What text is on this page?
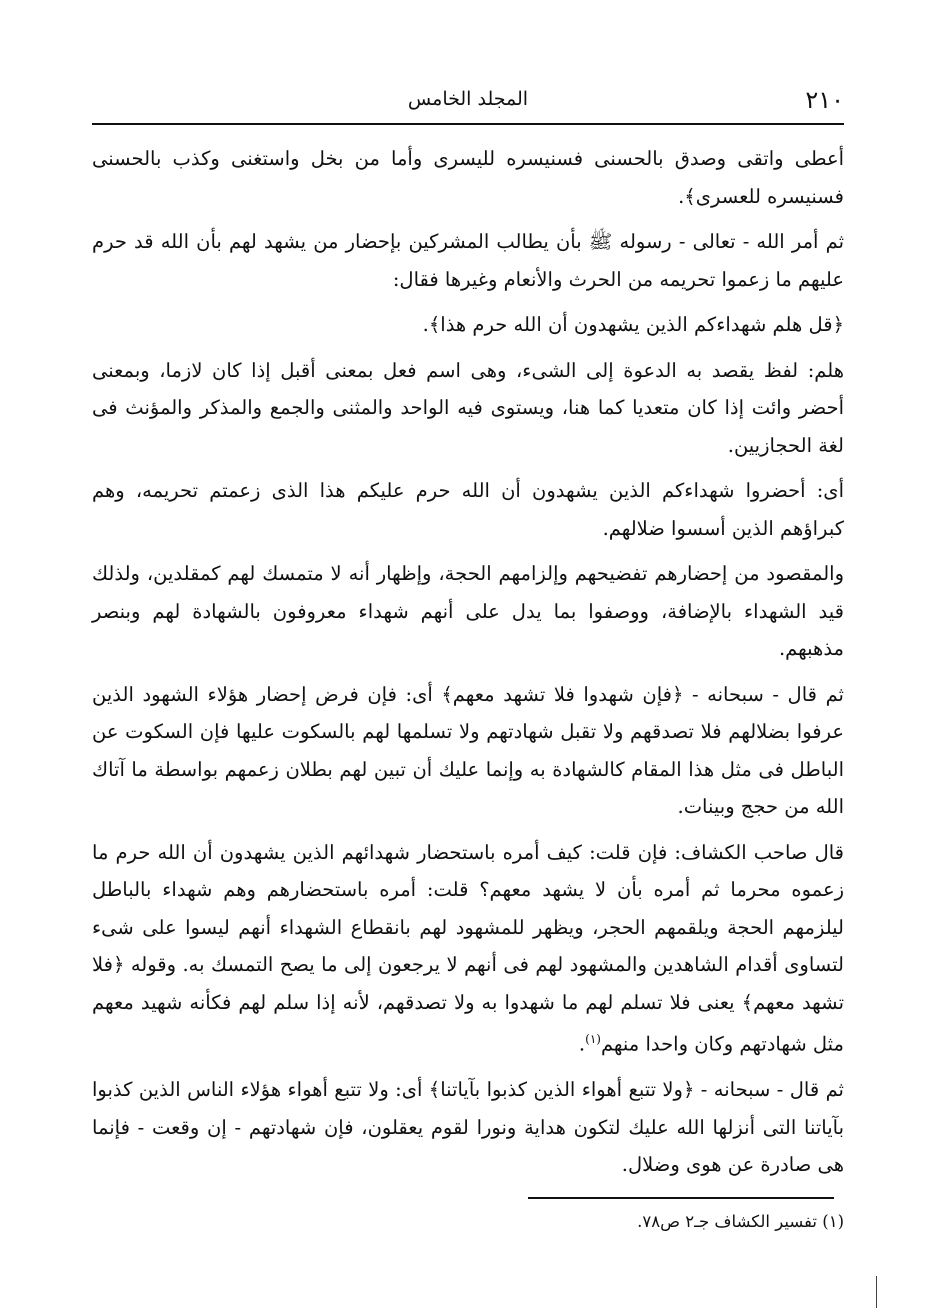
٢١٠
المجلد الخامس

أعطى واتقى وصدق بالحسنى فسنيسره لليسرى وأما من بخل واستغنى وكذب بالحسنى فسنيسره للعسرى﴾.

ثم أمر الله - تعالى - رسوله ﷺ بأن يطالب المشركين بإحضار من يشهد لهم بأن الله قد حرم عليهم ما زعموا تحريمه من الحرث والأنعام وغيرها فقال:

﴿قل هلم شهداءكم الذين يشهدون أن الله حرم هذا﴾.

هلم: لفظ يقصد به الدعوة إلى الشىء، وهى اسم فعل بمعنى أقبل إذا كان لازما، وبمعنى أحضر وائت إذا كان متعديا كما هنا، ويستوى فيه الواحد والمثنى والجمع والمذكر والمؤنث فى لغة الحجازيين.

أى: أحضروا شهداءكم الذين يشهدون أن الله حرم عليكم هذا الذى زعمتم تحريمه، وهم كبراؤهم الذين أسسوا ضلالهم.

والمقصود من إحضارهم تفضيحهم وإلزامهم الحجة، وإظهار أنه لا متمسك لهم كمقلدين، ولذلك قيد الشهداء بالإضافة، ووصفوا بما يدل على أنهم شهداء معروفون بالشهادة لهم وبنصر مذهبهم.

ثم قال - سبحانه - ﴿فإن شهدوا فلا تشهد معهم﴾ أى: فإن فرض إحضار هؤلاء الشهود الذين عرفوا بضلالهم فلا تصدقهم ولا تقبل شهادتهم ولا تسلمها لهم بالسكوت عليها فإن السكوت عن الباطل فى مثل هذا المقام كالشهادة به وإنما عليك أن تبين لهم بطلان زعمهم بواسطة ما آتاك الله من حجج وبينات.

قال صاحب الكشاف: فإن قلت: كيف أمره باستحضار شهدائهم الذين يشهدون أن الله حرم ما زعموه محرما ثم أمره بأن لا يشهد معهم؟ قلت: أمره باستحضارهم وهم شهداء بالباطل ليلزمهم الحجة ويلقمهم الحجر، ويظهر للمشهود لهم بانقطاع الشهداء أنهم ليسوا على شىء لتساوى أقدام الشاهدين والمشهود لهم فى أنهم لا يرجعون إلى ما يصح التمسك به. وقوله ﴿فلا تشهد معهم﴾ يعنى فلا تسلم لهم ما شهدوا به ولا تصدقهم، لأنه إذا سلم لهم فكأنه شهيد معهم مثل شهادتهم وكان واحدا منهم$^{(١)}$.

ثم قال - سبحانه - ﴿ولا تتبع أهواء الذين كذبوا بآياتنا﴾ أى: ولا تتبع أهواء هؤلاء الناس الذين كذبوا بآياتنا التى أنزلها الله عليك لتكون هداية ونورا لقوم يعقلون، فإن شهادتهم - إن وقعت - فإنما هى صادرة عن هوى وضلال.

(١) تفسير الكشاف جـ٢ ص٧٨.
